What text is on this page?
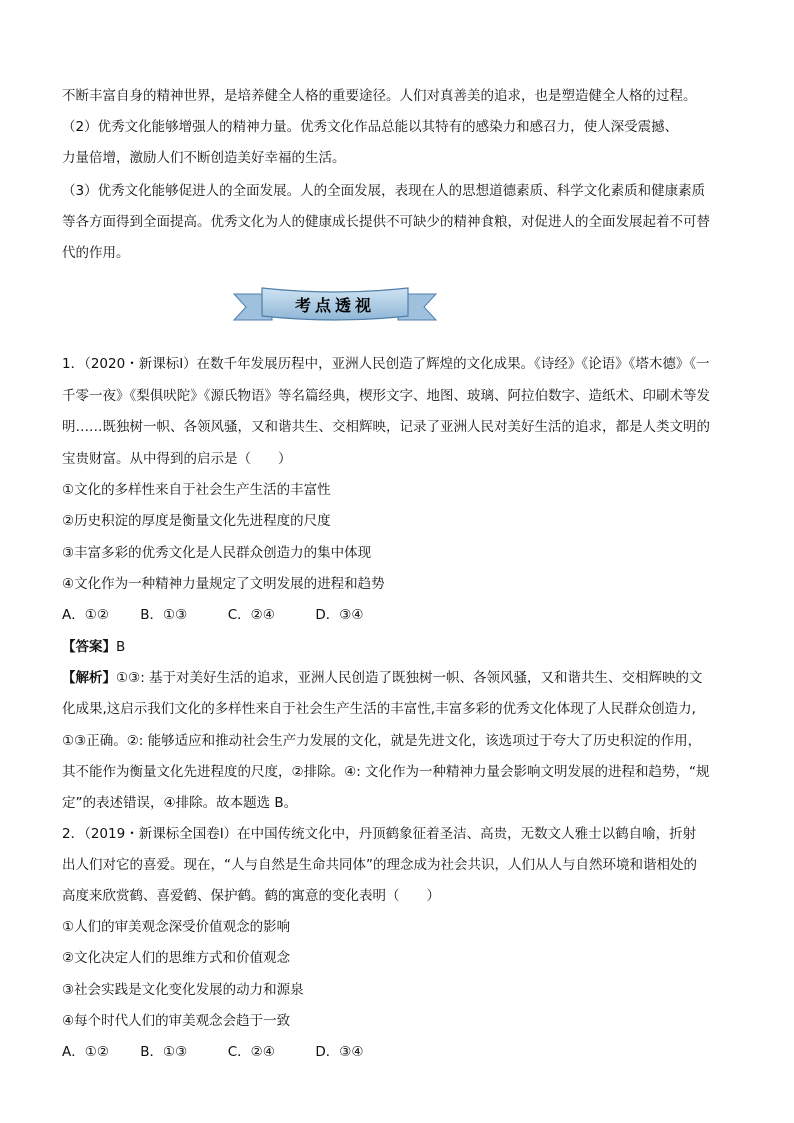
不断丰富自身的精神世界，是培养健全人格的重要途径。人们对真善美的追求，也是塑造健全人格的过程。
（2）优秀文化能够增强人的精神力量。优秀文化作品总能以其特有的感染力和感召力，使人深受震撼、
力量倍增，激励人们不断创造美好幸福的生活。
（3）优秀文化能够促进人的全面发展。人的全面发展，表现在人的思想道德素质、科学文化素质和健康素质
等各方面得到全面提高。优秀文化为人的健康成长提供不可缺少的精神食粮，对促进人的全面发展起着不可替
代的作用。
考点透视
1．（2020・新课标Ⅰ）在数千年发展历程中，亚洲人民创造了辉煌的文化成果。《诗经》《论语》《塔木德》《一
千零一夜》《梨俱吠陀》《源氏物语》等名篇经典，楔形文字、地图、玻璃、阿拉伯数字、造纸术、印刷术等发
明……既独树一帜、各领风骚，又和谐共生、交相辉映，记录了亚洲人民对美好生活的追求，都是人类文明的
宝贵财富。从中得到的启示是（　　）
①文化的多样性来自于社会生产生活的丰富性
②历史积淀的厚度是衡量文化先进程度的尺度
③丰富多彩的优秀文化是人民群众创造力的集中体现
④文化作为一种精神力量规定了文明发展的进程和趋势
A．①②　　 B．①③　　　C．②④　　　D．③④
【答案】B
【解析】①③: 基于对美好生活的追求，亚洲人民创造了既独树一帜、各领风骚，又和谐共生、交相辉映的文
化成果,这启示我们文化的多样性来自于社会生产生活的丰富性,丰富多彩的优秀文化体现了人民群众创造力,
①③正确。②: 能够适应和推动社会生产力发展的文化，就是先进文化，该选项过于夸大了历史积淀的作用，
其不能作为衡量文化先进程度的尺度，②排除。④: 文化作为一种精神力量会影响文明发展的进程和趋势，“规
定”的表述错误，④排除。故本题选 B。
2．（2019・新课标全国卷Ⅰ）在中国传统文化中，丹顶鹤象征着圣洁、高贵，无数文人雅士以鹤自喻，折射
出人们对它的喜爱。现在，“人与自然是生命共同体”的理念成为社会共识，人们从人与自然环境和谐相处的
高度来欣赏鹤、喜爱鹤、保护鹤。鹤的寓意的变化表明（　　）
①人们的审美观念深受价值观念的影响
②文化决定人们的思维方式和价值观念
③社会实践是文化变化发展的动力和源泉
④每个时代人们的审美观念会趋于一致
A．①②　　 B．①③　　　C．②④　　　D．③④
